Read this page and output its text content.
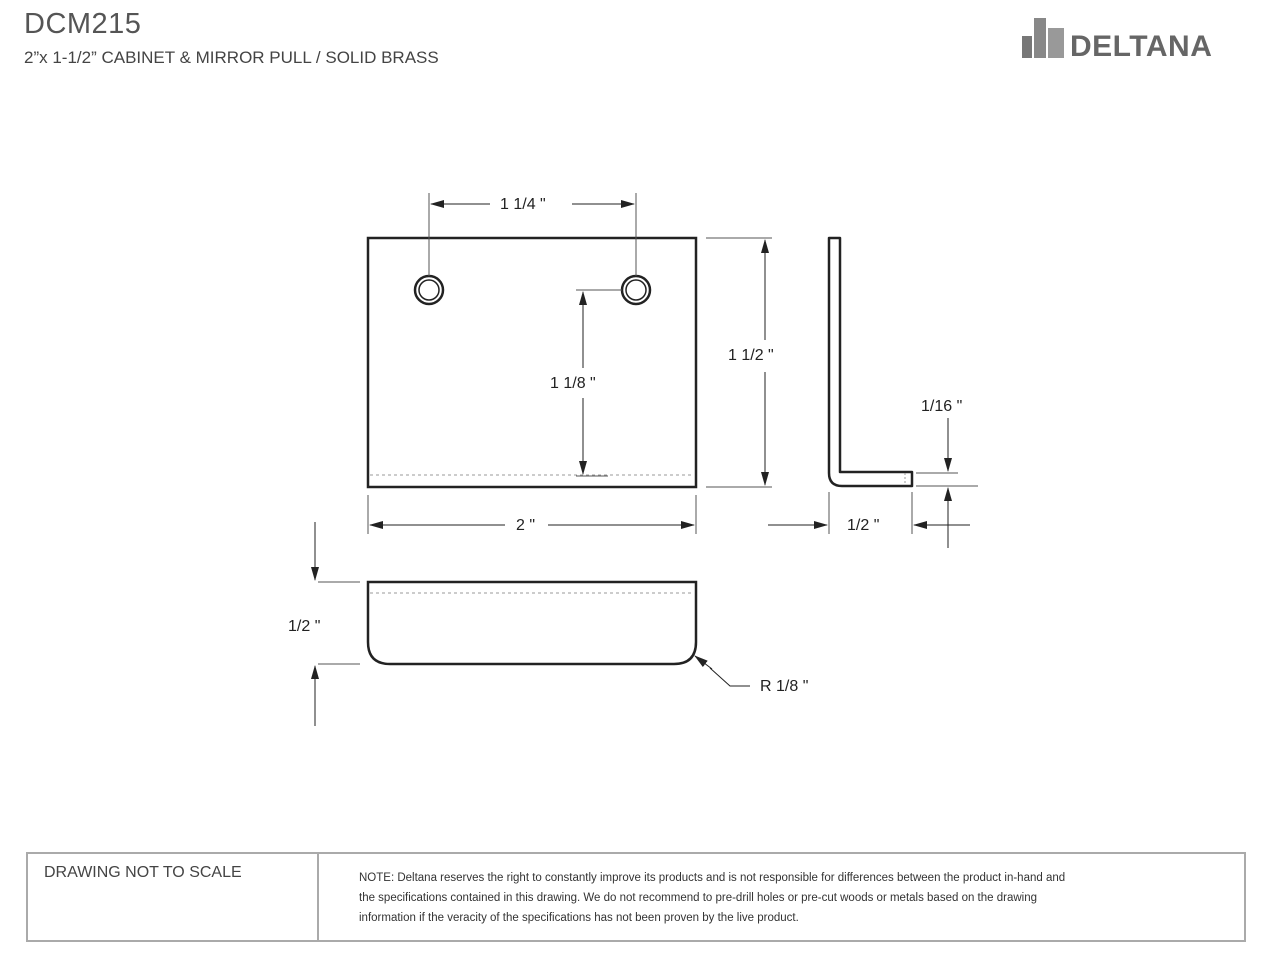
DCM215
2”x 1-1/2” CABINET & MIRROR PULL / SOLID BRASS	DELTANA
1 1/4 "
1 1/2 "
1 1/8 "
2 "
1/16 "
1/2 "
1/2 "
R 1/8 "
DRAWING NOT TO SCALE	NOTE: Deltana reserves the right to constantly improve its products and is not responsible for differences between the product in-hand and
the specifications contained in this drawing. We do not recommend to pre-drill holes or pre-cut woods or metals based on the drawing
information if the veracity of the specifications has not been proven by the live product.
